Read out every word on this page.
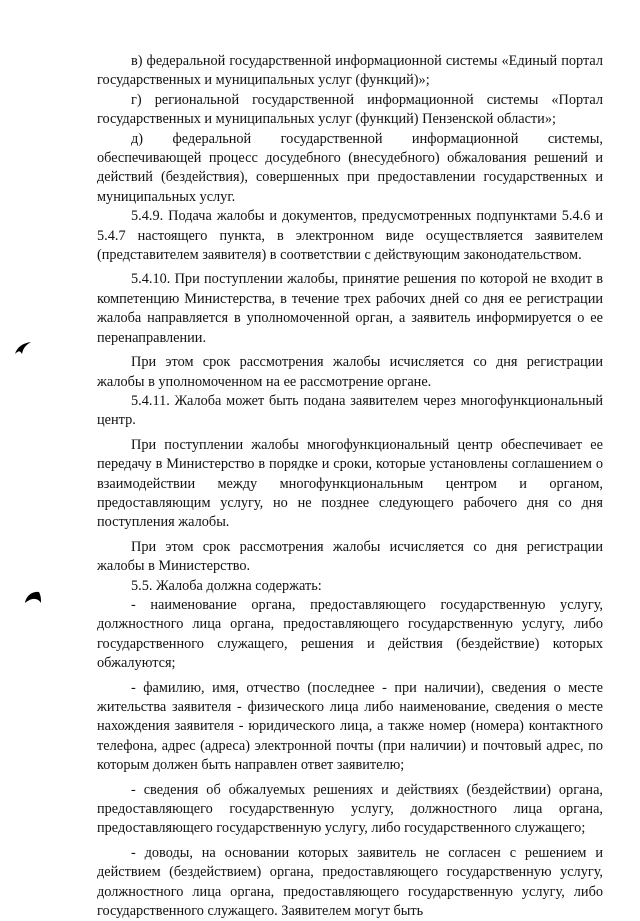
в) федеральной государственной информационной системы «Единый портал государственных и муниципальных услуг (функций)»;

г) региональной государственной информационной системы «Портал государственных и муниципальных услуг (функций) Пензенской области»;

д) федеральной государственной информационной системы, обеспечивающей процесс досудебного (внесудебного) обжалования решений и действий (бездействия), совершенных при предоставлении государственных и муниципальных услуг.

5.4.9. Подача жалобы и документов, предусмотренных подпунктами 5.4.6 и 5.4.7 настоящего пункта, в электронном виде осуществляется заявителем (представителем заявителя) в соответствии с действующим законодательством.

5.4.10. При поступлении жалобы, принятие решения по которой не входит в компетенцию Министерства, в течение трех рабочих дней со дня ее регистрации жалоба направляется в уполномоченной орган, а заявитель информируется о ее перенаправлении.

При этом срок рассмотрения жалобы исчисляется со дня регистрации жалобы в уполномоченном на ее рассмотрение органе.

5.4.11. Жалоба может быть подана заявителем через многофункциональный центр.

При поступлении жалобы многофункциональный центр обеспечивает ее передачу в Министерство в порядке и сроки, которые установлены соглашением о взаимодействии между многофункциональным центром и органом, предоставляющим услугу, но не позднее следующего рабочего дня со дня поступления жалобы.

При этом срок рассмотрения жалобы исчисляется со дня регистрации жалобы в Министерство.

5.5. Жалоба должна содержать:

- наименование органа, предоставляющего государственную услугу, должностного лица органа, предоставляющего государственную услугу, либо государственного служащего, решения и действия (бездействие) которых обжалуются;

- фамилию, имя, отчество (последнее - при наличии), сведения о месте жительства заявителя - физического лица либо наименование, сведения о месте нахождения заявителя - юридического лица, а также номер (номера) контактного телефона, адрес (адреса) электронной почты (при наличии) и почтовый адрес, по которым должен быть направлен ответ заявителю;

- сведения об обжалуемых решениях и действиях (бездействии) органа, предоставляющего государственную услугу, должностного лица органа, предоставляющего государственную услугу, либо государственного служащего;

- доводы, на основании которых заявитель не согласен с решением и действием (бездействием) органа, предоставляющего государственную услугу, должностного лица органа, предоставляющего государственную услугу, либо государственного служащего. Заявителем могут быть
